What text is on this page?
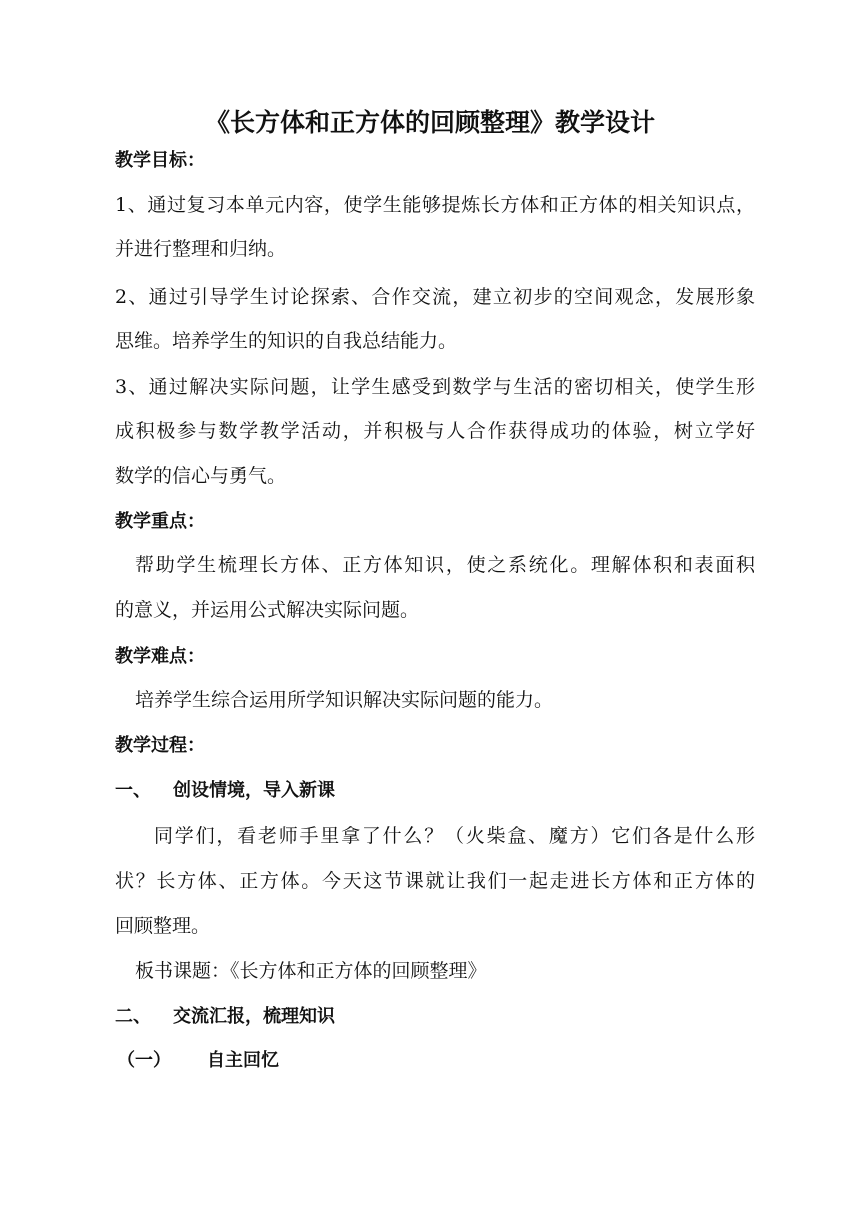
《长方体和正方体的回顾整理》教学设计
教学目标：
1、通过复习本单元内容，使学生能够提炼长方体和正方体的相关知识点，
并进行整理和归纳。
2、通过引导学生讨论探索、合作交流，建立初步的空间观念，发展形象
思维。培养学生的知识的自我总结能力。
3、通过解决实际问题，让学生感受到数学与生活的密切相关，使学生形
成积极参与数学教学活动，并积极与人合作获得成功的体验，树立学好
数学的信心与勇气。
教学重点：
帮助学生梳理长方体、正方体知识，使之系统化。理解体积和表面积
的意义，并运用公式解决实际问题。
教学难点：
培养学生综合运用所学知识解决实际问题的能力。
教学过程：
一、 创设情境，导入新课
同学们，看老师手里拿了什么？（火柴盒、魔方）它们各是什么形
状？长方体、正方体。今天这节课就让我们一起走进长方体和正方体的
回顾整理。
板书课题：《长方体和正方体的回顾整理》
二、 交流汇报，梳理知识
（一） 自主回忆
